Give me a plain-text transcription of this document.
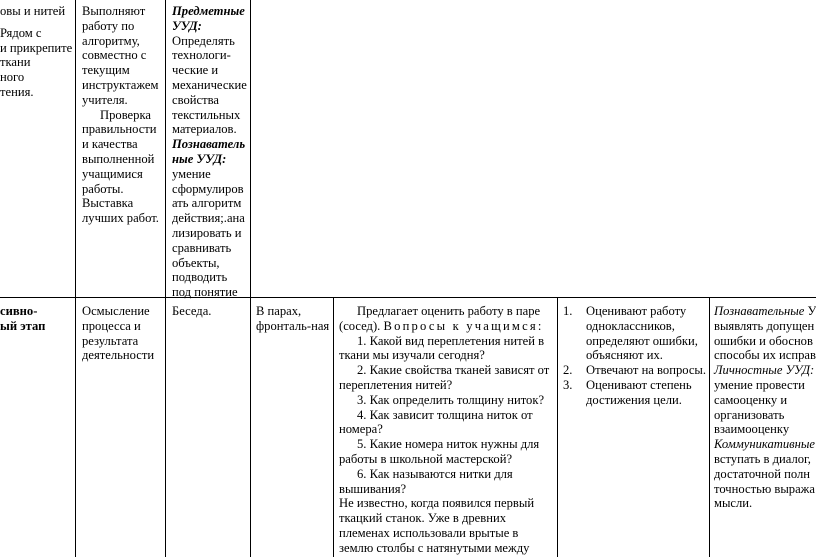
овы и нитей
Рядом с
и прикрепите
ткани
ного
тения.
Выполняют
работу по
алгоритму,
совместно с
текущим
инструктажем
учителя.
Проверка
правильности
и качества
выполненной
учащимися
работы.
Выставка
лучших работ.
Предметные
УУД:
Определять
технологи-
ческие и
механические
свойства
текстильных
материалов.
Познаватель
ные УУД:
умение
сформулиров
ать алгоритм
действия;.ана
лизировать и
сравнивать
объекты,
подводить
под понятие
сивно-
ый этап
Осмысление
процесса и
результата
деятельности
Беседа.	В парах,
фронталь-ная
Предлагает оценить работу в паре
(сосед). Вопросы к учащимся:
1. Какой вид переплетения нитей в
ткани мы изучали сегодня?
2. Какие свойства тканей зависят от
переплетения нитей?
3. Как определить толщину ниток?
4. Как зависит толщина ниток от
номера?
5. Какие номера ниток нужны для
работы в школьной мастерской?
6. Как называются нитки для
вышивания?
Не известно, когда появился первый
ткацкий станок. Уже в древних
племенах использовали врытые в
землю столбы с натянутыми между
1. Оценивают работу
одноклассников,
определяют ошибки,
объясняют их.
2. Отвечают на вопросы.
3. Оценивают степень
достижения цели.
Познавательные У
выявлять допущен
ошибки и обоснов
способы их исправ
Личностные УУД:
умение провести
самооценку и
организовать
взаимооценку
Коммуникативные
вступать в диалог,
достаточной полн
точностью выража
мысли.
